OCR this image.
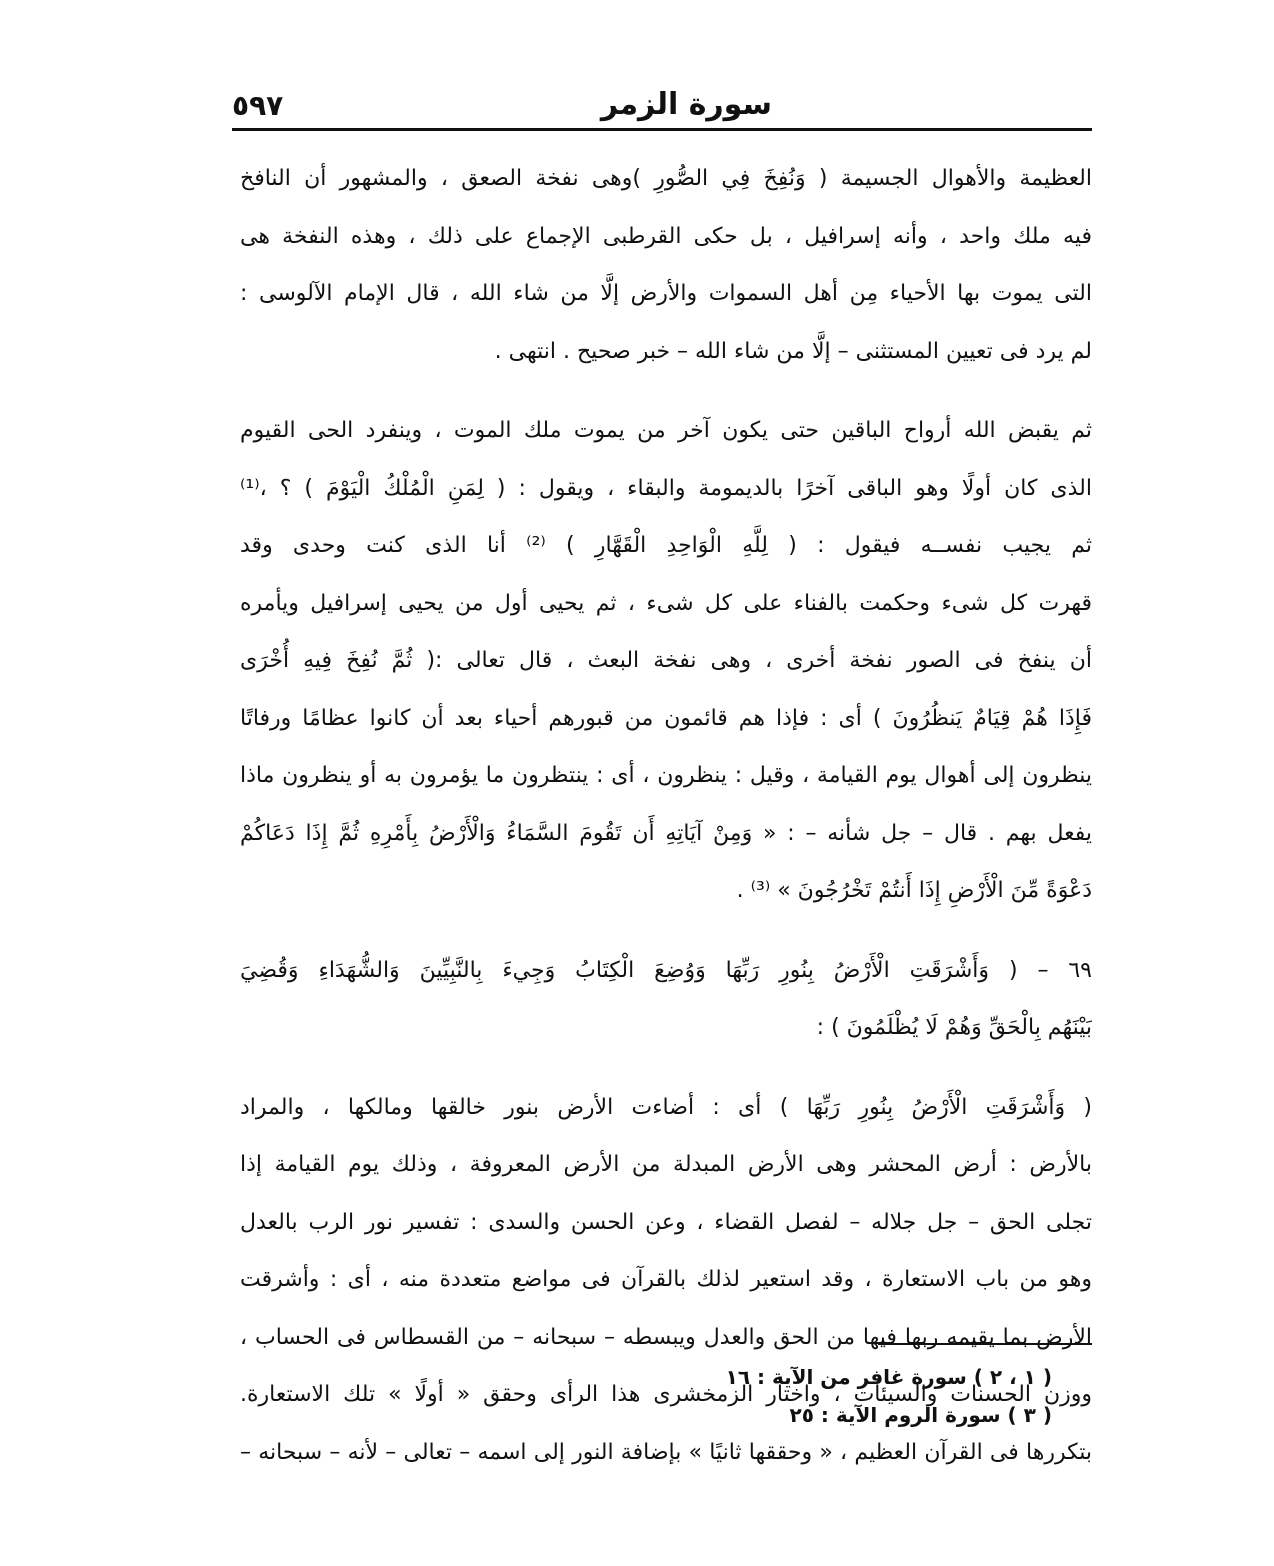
سورة الزمر
٥٩٧
العظيمة والأهوال الجسيمة ( وَنُفِخَ فِي الصُّورِ )وهى نفخة الصعق ، والمشهور أن النافخ
فيه ملك واحد ، وأنه إسرافيل ، بل حكى القرطبى الإجماع على ذلك ، وهذه النفخة هى
التى يموت بها الأحياء مِن أهل السموات والأرض إلَّا من شاء الله ، قال الإمام الآلوسى :
لم يرد فى تعيين المستثنى – إلَّا من شاء الله – خبر صحيح . انتهى .
ثم يقبض الله أرواح الباقين حتى يكون آخر من يموت ملك الموت ، وينفرد الحى القيوم
الذى كان أولًا وهو الباقى آخرًا بالديمومة والبقاء ، ويقول : ( لِمَنِ الْمُلْكُ الْيَوْمَ ) ؟ ،⁽¹⁾
ثم يجيب نفســه فيقول : ( لِلَّهِ الْوَاحِدِ الْقَهَّارِ ) ⁽²⁾ أنا الذى كنت وحدى وقد
قهرت كل شىء وحكمت بالفناء على كل شىء ، ثم يحيى أول من يحيى إسرافيل ويأمره
أن ينفخ فى الصور نفخة أخرى ، وهى نفخة البعث ، قال تعالى :( ثُمَّ نُفِخَ فِيهِ أُخْرَى
فَإِذَا هُمْ قِيَامٌ يَنظُرُونَ ) أى : فإذا هم قائمون من قبورهم أحياء بعد أن كانوا عظامًا ورفاتًا
ينظرون إلى أهوال يوم القيامة ، وقيل : ينظرون ، أى : ينتظرون ما يؤمرون به أو ينظرون ماذا
يفعل بهم . قال – جل شأنه – : « وَمِنْ آيَاتِهِ أَن تَقُومَ السَّمَاءُ وَالْأَرْضُ بِأَمْرِهِ ثُمَّ إِذَا دَعَاكُمْ
دَعْوَةً مِّنَ الْأَرْضِ إِذَا أَنتُمْ تَخْرُجُونَ » ⁽³⁾ .
٦٩ – ( وَأَشْرَقَتِ الْأَرْضُ بِنُورِ رَبِّهَا وَوُضِعَ الْكِتَابُ وَجِيءَ بِالنَّبِيِّينَ وَالشُّهَدَاءِ وَقُضِيَ
بَيْنَهُم بِالْحَقِّ وَهُمْ لَا يُظْلَمُونَ ) :
( وَأَشْرَقَتِ الْأَرْضُ بِنُورِ رَبِّهَا ) أى : أضاءت الأرض بنور خالقها ومالكها ، والمراد
بالأرض : أرض المحشر وهى الأرض المبدلة من الأرض المعروفة ، وذلك يوم القيامة إذا
تجلى الحق – جل جلاله – لفصل القضاء ، وعن الحسن والسدى : تفسير نور الرب بالعدل
وهو من باب الاستعارة ، وقد استعير لذلك بالقرآن فى مواضع متعددة منه ، أى : وأشرقت
الأرض بما يقيمه ربها فيها من الحق والعدل ويبسطه – سبحانه – من القسطاس فى الحساب ،
ووزن الحسنات والسيئات ، واختار الزمخشرى هذا الرأى وحقق « أولًا » تلك الاستعارة.
بتكررها فى القرآن العظيم ، « وحققها ثانيًا » بإضافة النور إلى اسمه – تعالى – لأنه – سبحانه –
( ١ ، ٢ ) سورة غافر من الآية : ١٦
( ٣ ) سورة الروم الآية : ٢٥
